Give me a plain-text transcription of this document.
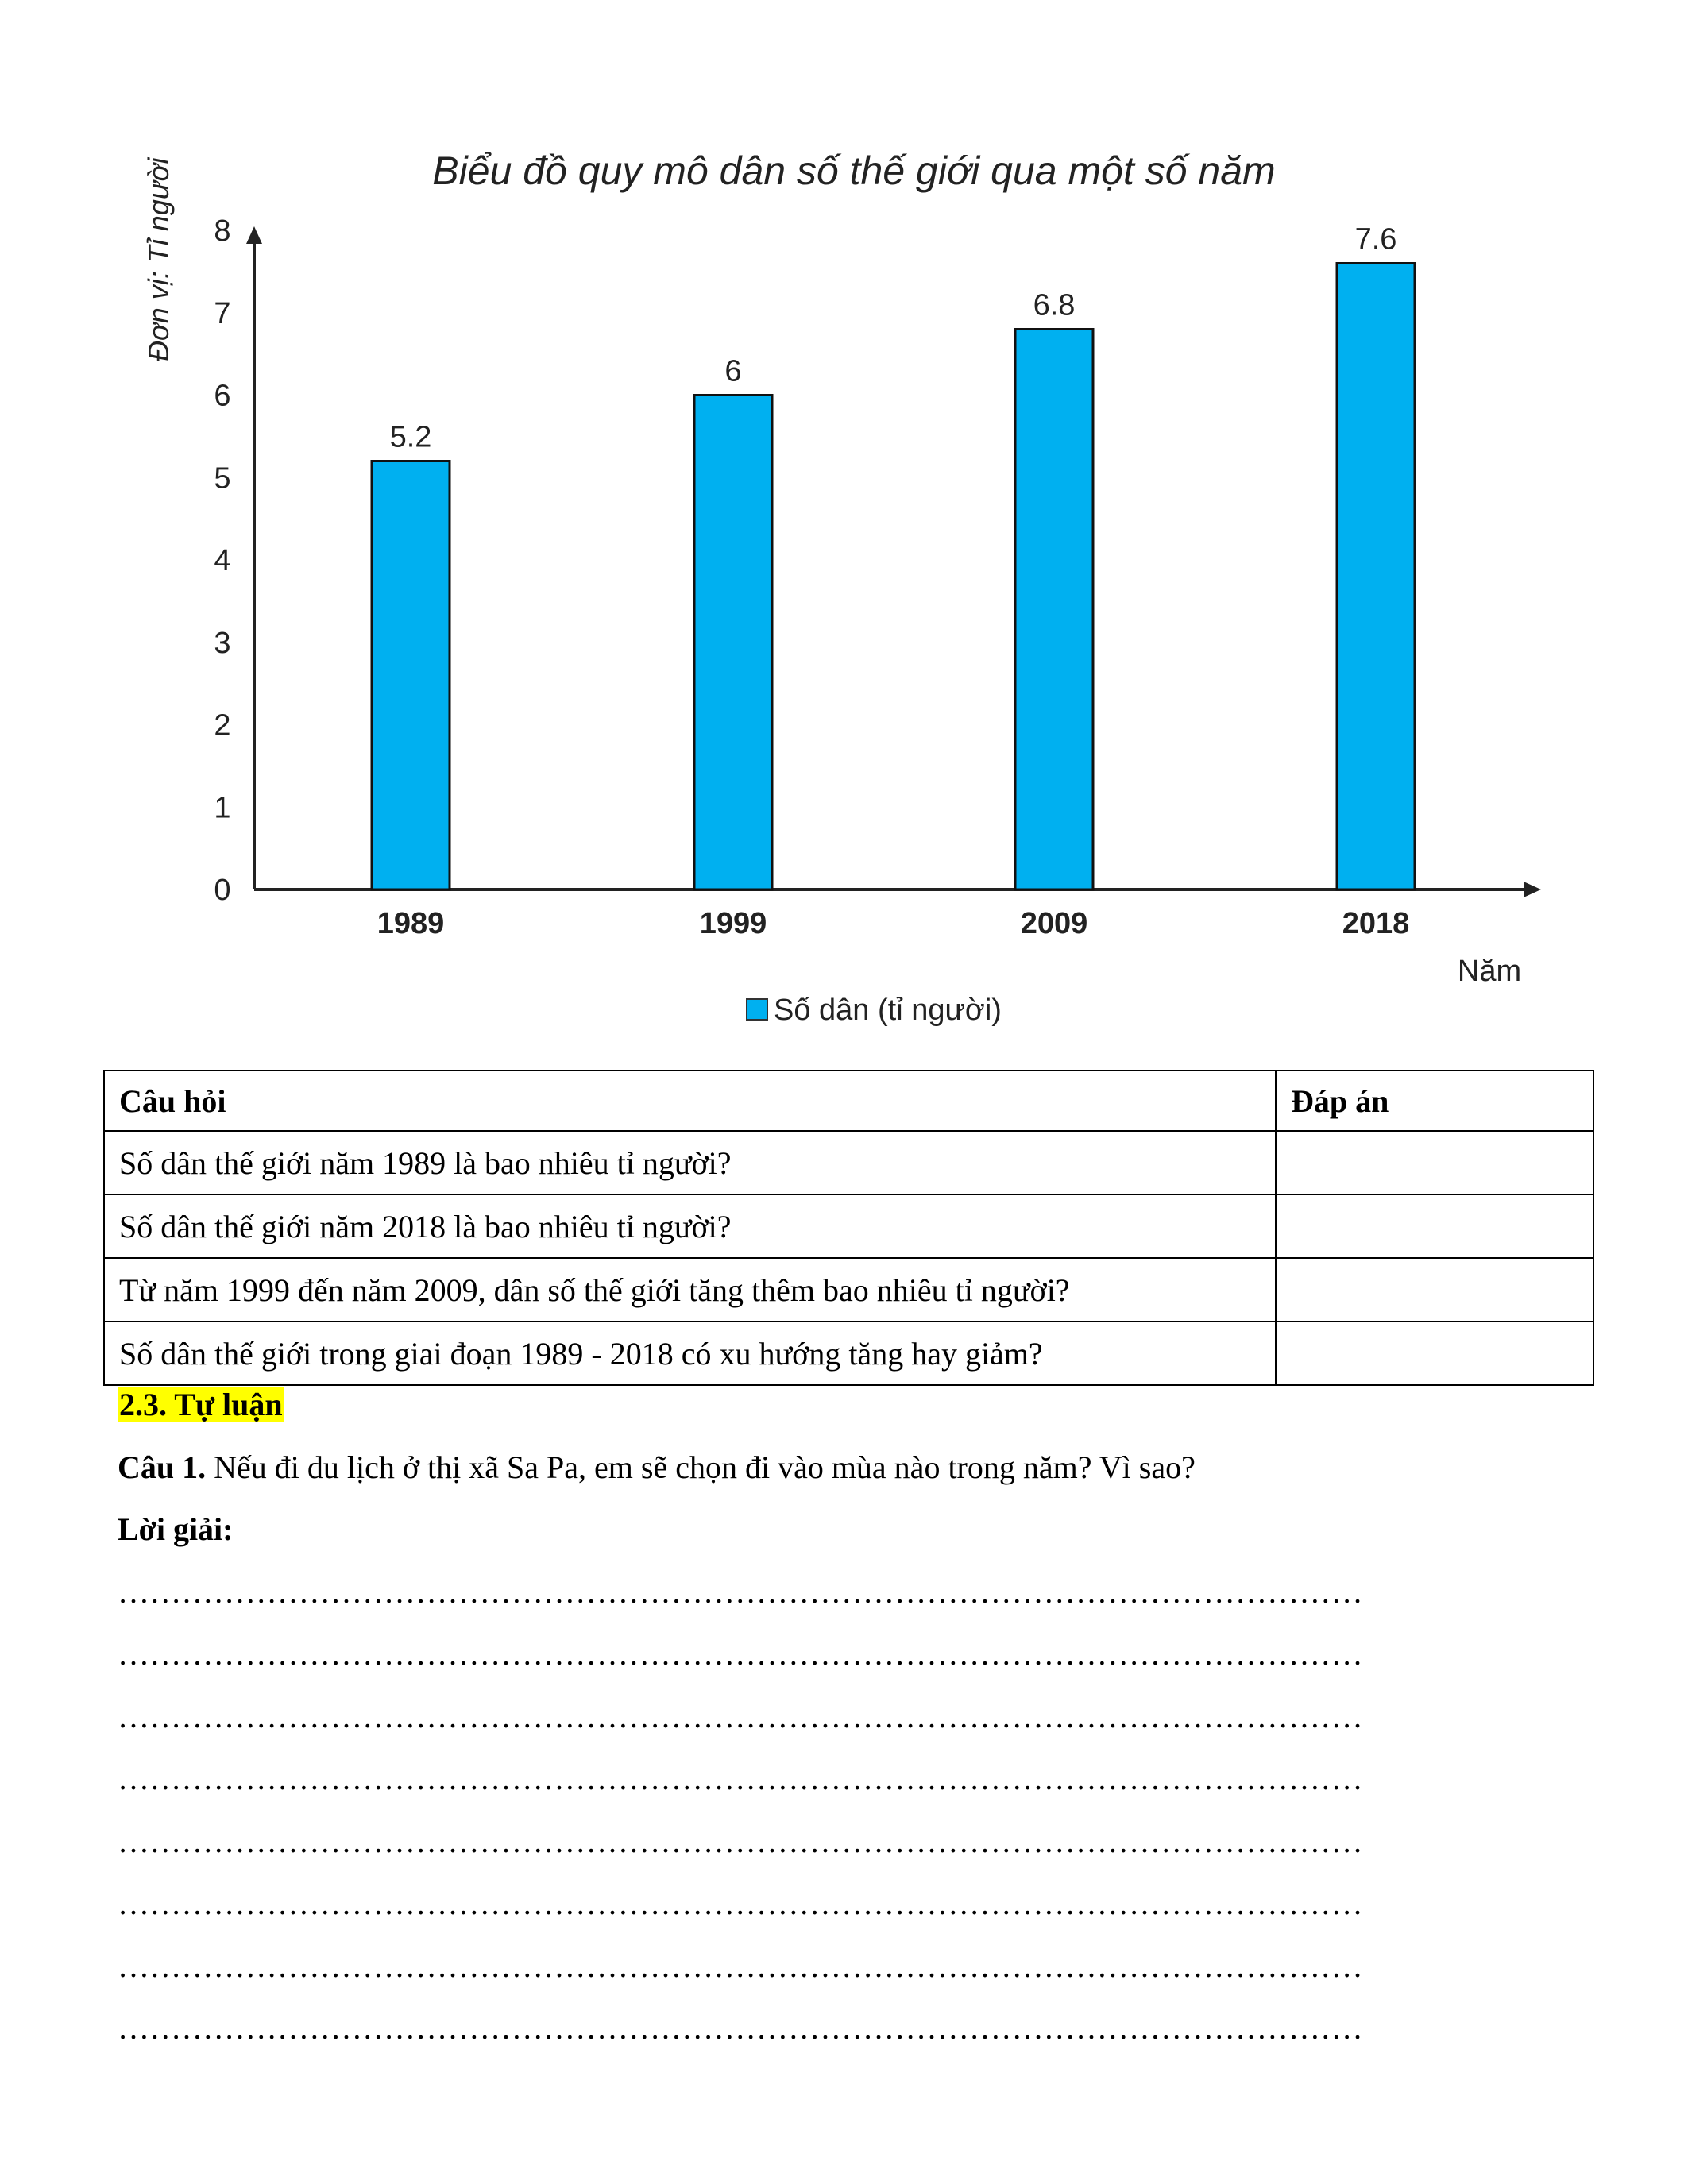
Biểu đồ quy mô dân số thế giới qua một số năm
Đơn vị: Tỉ người
0
1
2
3
4
5
6
7
8
5.2
6
6.8
7.6
1989	1999	2009	2018
Năm
Số dân (tỉ người)
Câu hỏi	Đáp án
Số dân thế giới năm 1989 là bao nhiêu tỉ người?	
Số dân thế giới năm 2018 là bao nhiêu tỉ người?	
Từ năm 1999 đến năm 2009, dân số thế giới tăng thêm bao nhiêu tỉ người?	
Số dân thế giới trong giai đoạn 1989 - 2018 có xu hướng tăng hay giảm?	
2.3. Tự luận
Câu 1. Nếu đi du lịch ở thị xã Sa Pa, em sẽ chọn đi vào mùa nào trong năm? Vì sao?
Lời giải:
………………………………………………………………………………………………………
………………………………………………………………………………………………………
………………………………………………………………………………………………………
………………………………………………………………………………………………………
………………………………………………………………………………………………………
………………………………………………………………………………………………………
………………………………………………………………………………………………………
………………………………………………………………………………………………………
